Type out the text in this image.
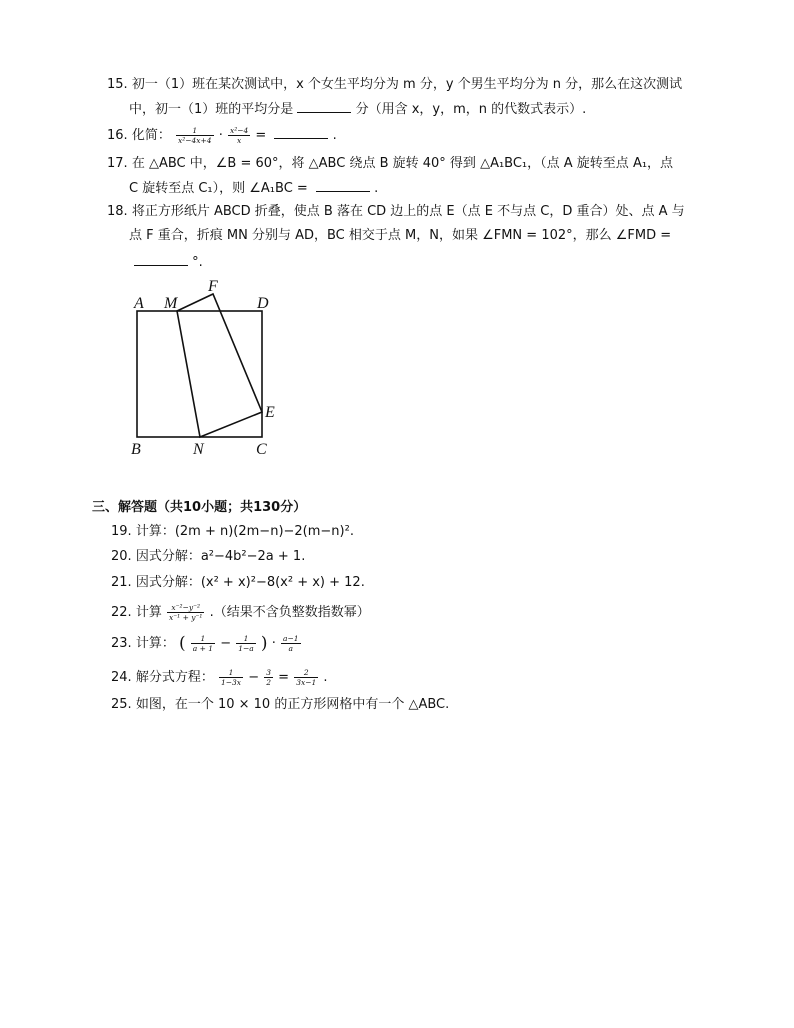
15. 初一（1）班在某次测试中，x 个女生平均分为 m 分，y 个男生平均分为 n 分，那么在这次测试
中，初一（1）班的平均分是	分（用含 x，y，m，n 的代数式表示）.
16. 化简： $\frac{1}{\text{x²−4x+4}} \cdot \frac{\text{x²−4}}{x}$ =	.
17. 在 △ABC 中，∠B = 60°，将 △ABC 绕点 B 旋转 40° 得到 △A₁BC₁，（点 A 旋转至点 A₁，点
C 旋转至点 C₁），则 ∠A₁BC =	.
18. 将正方形纸片 ABCD 折叠，使点 B 落在 CD 边上的点 E（点 E 不与点 C，D 重合）处、点 A 与
点 F 重合，折痕 MN 分别与 AD，BC 相交于点 M，N，如果 ∠FMN = 102°，那么 ∠FMD =
°.
A M
F
D
E
B	N	C
三、解答题（共10小题；共130分）
19. 计算：(2m + n)(2m−n)−2(m−n)².
20. 因式分解：a²−4b²−2a + 1.
21. 因式分解：(x² + x)²−8(x² + x) + 12.
22. 计算 $\frac{\text{x⁻²−y⁻²}}{\text{x⁻¹ + y⁻¹}}$ .（结果不含负整数指数幂）
23. 计算： ( $\frac{1}{a + 1} - \frac{1}{1-a}$ ) · $\frac{a-1}{a}$
24. 解分式方程： $\frac{1}{1-3x} - \frac{3}{2} = \frac{2}{3x-1}$ .
25. 如图，在一个 10 × 10 的正方形网格中有一个 △ABC.
